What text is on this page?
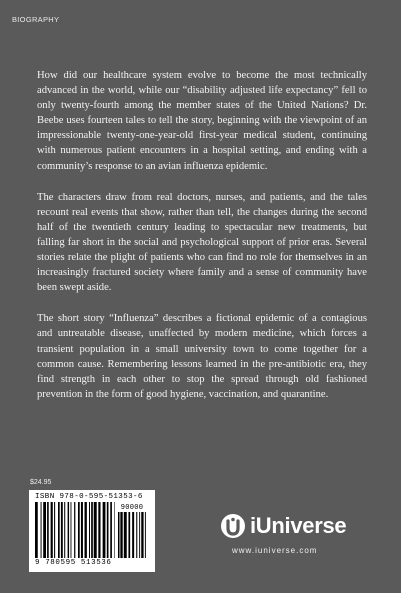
BIOGRAPHY

How did our healthcare system evolve to become the most technically advanced in the world, while our “disability adjusted life expectancy” fell to only twenty-fourth among the member states of the United Nations? Dr. Beebe uses fourteen tales to tell the story, beginning with the viewpoint of an impressionable twenty-one-year-old first-year medical student, continuing with numerous patient encounters in a hospital setting, and ending with a community’s response to an avian influenza epidemic.

The characters draw from real doctors, nurses, and patients, and the tales recount real events that show, rather than tell, the changes during the second half of the twentieth century leading to spectacular new treatments, but falling far short in the social and psychological support of prior eras. Several stories relate the plight of patients who can find no role for themselves in an increasingly fractured society where family and a sense of community have been swept aside.

The short story “Influenza” describes a fictional epidemic of a contagious and untreatable disease, unaffected by modern medicine, which forces a transient population in a small university town to come together for a common cause. Remembering lessons learned in the pre-antibiotic era, they find strength in each other to stop the spread through old fashioned prevention in the form of good hygiene, vaccination, and quarantine.

$24.95
ISBN 978-0-595-51353-6
90000
9 780595 513536
iUniverse
www.iuniverse.com
